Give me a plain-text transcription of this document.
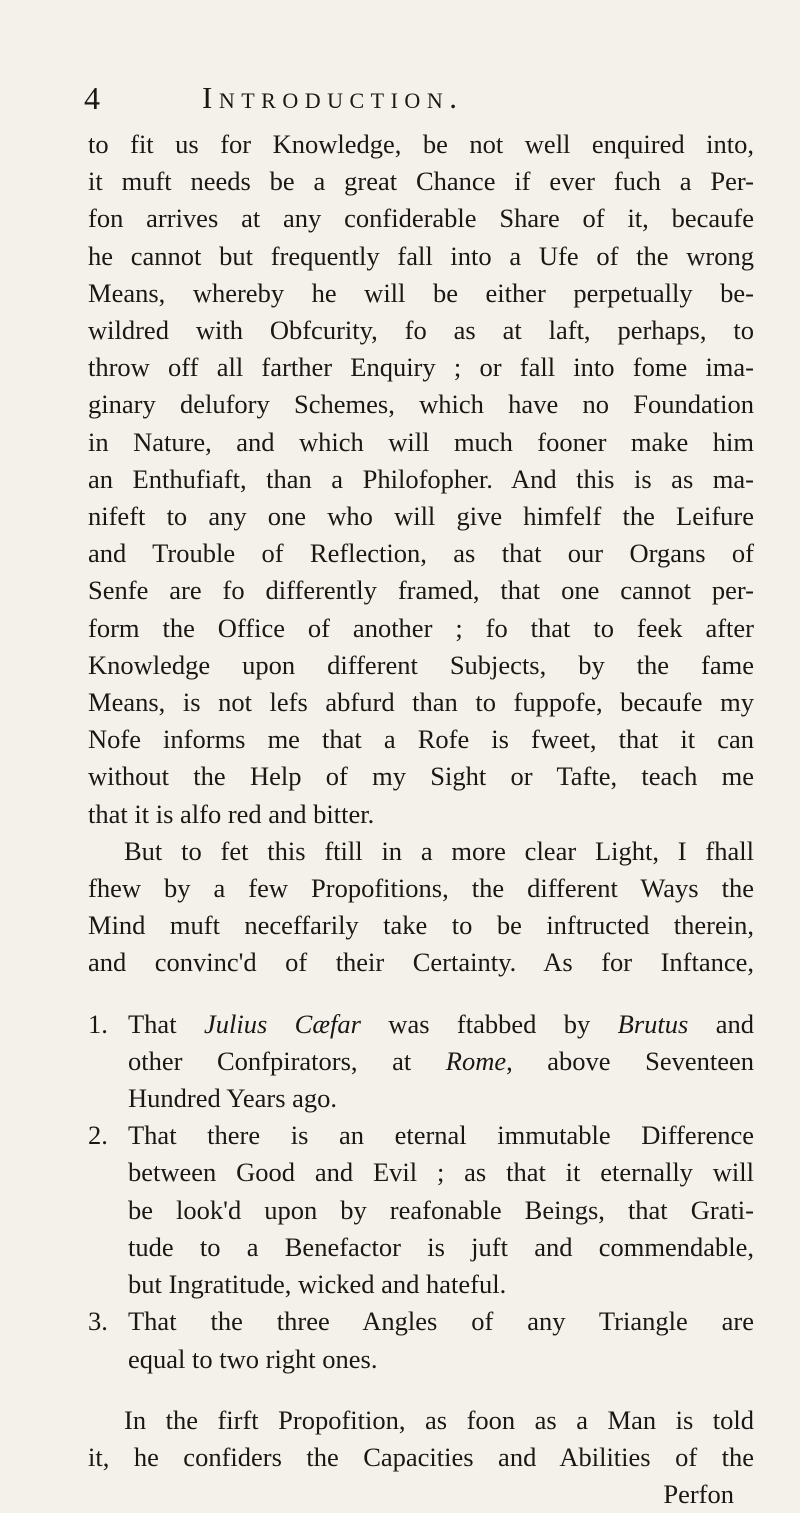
4	Introduction.
to fit us for Knowledge, be not well enquired into,
it muft needs be a great Chance if ever fuch a Per-
fon arrives at any confiderable Share of it, becaufe
he cannot but frequently fall into a Ufe of the wrong
Means, whereby he will be either perpetually be-
wildred with Obfcurity, fo as at laft, perhaps, to
throw off all farther Enquiry ; or fall into fome ima-
ginary delufory Schemes, which have no Foundation
in Nature, and which will much fooner make him
an Enthufiaft, than a Philofopher. And this is as ma-
nifeft to any one who will give himfelf the Leifure
and Trouble of Reflection, as that our Organs of
Senfe are fo differently framed, that one cannot per-
form the Office of another ; fo that to feek after
Knowledge upon different Subjects, by the fame
Means, is not lefs abfurd than to fuppofe, becaufe my
Nofe informs me that a Rofe is fweet, that it can
without the Help of my Sight or Tafte, teach me
that it is alfo red and bitter.
But to fet this ftill in a more clear Light, I fhall
fhew by a few Propofitions, the different Ways the
Mind muft neceffarily take to be inftructed therein,
and convinc'd of their Certainty. As for Inftance,
1. That Julius Cæfar was ftabbed by Brutus and
other Confpirators, at Rome, above Seventeen
Hundred Years ago.
2. That there is an eternal immutable Difference
between Good and Evil ; as that it eternally will
be look'd upon by reafonable Beings, that Grati-
tude to a Benefactor is juft and commendable,
but Ingratitude, wicked and hateful.
3. That the three Angles of any Triangle are
equal to two right ones.
In the firft Propofition, as foon as a Man is told
it, he confiders the Capacities and Abilities of the
Perfon
